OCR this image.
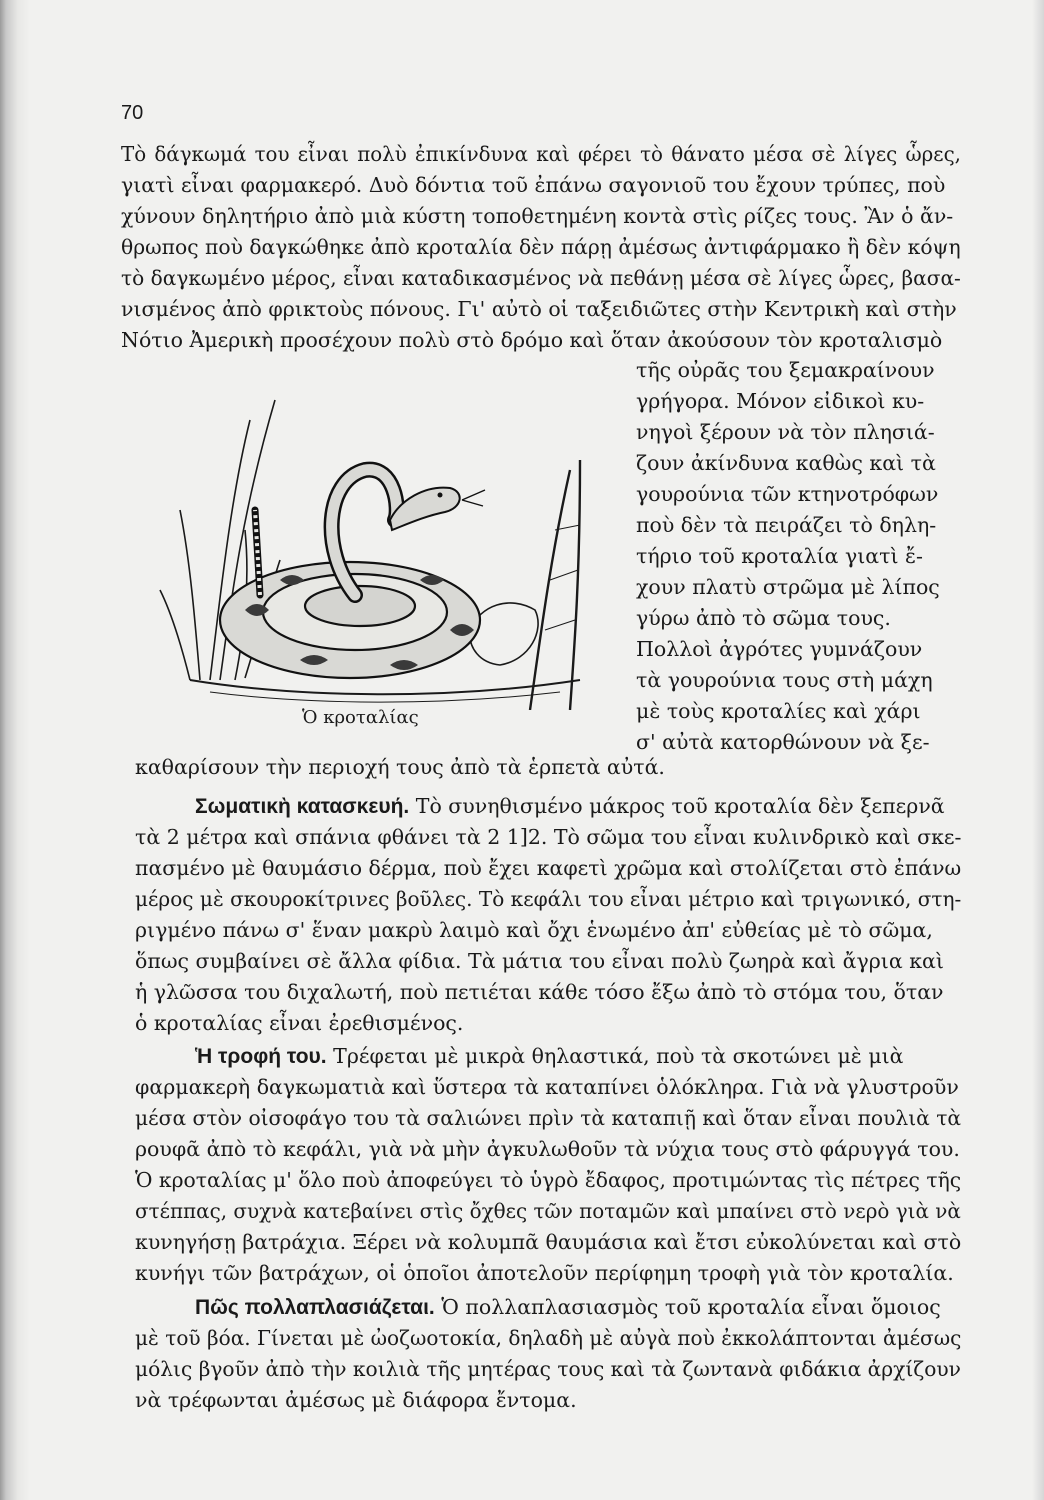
70
Τὸ δάγκωμά του εἶναι πολὺ ἐπικίνδυνα καὶ φέρει τὸ θάνατο μέσα σὲ λίγες ὧρες,
γιατὶ εἶναι φαρμακερό. Δυὸ δόντια τοῦ ἐπάνω σαγονιοῦ του ἔχουν τρύπες, ποὺ
χύνουν δηλητήριο ἀπὸ μιὰ κύστη τοποθετημένη κοντὰ στὶς ρίζες τους. Ἂν ὁ ἄν-
θρωπος ποὺ δαγκώθηκε ἀπὸ κροταλία δὲν πάρῃ ἀμέσως ἀντιφάρμακο ἢ δὲν κόψη
τὸ δαγκωμένο μέρος, εἶναι καταδικασμένος νὰ πεθάνῃ μέσα σὲ λίγες ὧρες, βασα-
νισμένος ἀπὸ φρικτοὺς πόνους. Γι' αὐτὸ οἱ ταξειδιῶτες στὴν Κεντρικὴ καὶ στὴν
Νότιο Ἀμερικὴ προσέχουν πολὺ στὸ δρόμο καὶ ὅταν ἀκούσουν τὸν κροταλισμὸ
τῆς οὐρᾶς του ξεμακραίνουν
γρήγορα. Μόνον εἰδικοὶ κυ-
νηγοὶ ξέρουν νὰ τὸν πλησιά-
ζουν ἀκίνδυνα καθὼς καὶ τὰ
γουρούνια τῶν κτηνοτρόφων
ποὺ δὲν τὰ πειράζει τὸ δηλη-
τήριο τοῦ κροταλία γιατὶ ἔ-
χουν πλατὺ στρῶμα μὲ λίπος
γύρω ἀπὸ τὸ σῶμα τους.
Πολλοὶ ἀγρότες γυμνάζουν
τὰ γουρούνια τους στὴ μάχη
μὲ τοὺς κροταλίες καὶ χάρι
σ' αὐτὰ κατορθώνουν νὰ ξε-
Ὁ κροταλίας
καθαρίσουν τὴν περιοχή τους ἀπὸ τὰ ἑρπετὰ αὐτά.
Σωματικὴ κατασκευή. Τὸ συνηθισμένο μάκρος τοῦ κροταλία δὲν ξεπερνᾶ
τὰ 2 μέτρα καὶ σπάνια φθάνει τὰ 2 1]2. Τὸ σῶμα του εἶναι κυλινδρικὸ καὶ σκε-
πασμένο μὲ θαυμάσιο δέρμα, ποὺ ἔχει καφετὶ χρῶμα καὶ στολίζεται στὸ ἐπάνω
μέρος μὲ σκουροκίτρινες βοῦλες. Τὸ κεφάλι του εἶναι μέτριο καὶ τριγωνικό, στη-
ριγμένο πάνω σ' ἕναν μακρὺ λαιμὸ καὶ ὄχι ἑνωμένο ἀπ' εὐθείας μὲ τὸ σῶμα,
ὅπως συμβαίνει σὲ ἄλλα φίδια. Τὰ μάτια του εἶναι πολὺ ζωηρὰ καὶ ἄγρια καὶ
ἡ γλῶσσα του διχαλωτή, ποὺ πετιέται κάθε τόσο ἔξω ἀπὸ τὸ στόμα του, ὅταν
ὁ κροταλίας εἶναι ἐρεθισμένος.
Ἡ τροφή του. Τρέφεται μὲ μικρὰ θηλαστικά, ποὺ τὰ σκοτώνει μὲ μιὰ
φαρμακερὴ δαγκωματιὰ καὶ ὕστερα τὰ καταπίνει ὁλόκληρα. Γιὰ νὰ γλυστροῦν
μέσα στὸν οἰσοφάγο του τὰ σαλιώνει πρὶν τὰ καταπιῇ καὶ ὅταν εἶναι πουλιὰ τὰ
ρουφᾶ ἀπὸ τὸ κεφάλι, γιὰ νὰ μὴν ἀγκυλωθοῦν τὰ νύχια τους στὸ φάρυγγά του.
Ὁ κροταλίας μ' ὅλο ποὺ ἀποφεύγει τὸ ὑγρὸ ἔδαφος, προτιμώντας τὶς πέτρες τῆς
στέππας, συχνὰ κατεβαίνει στὶς ὄχθες τῶν ποταμῶν καὶ μπαίνει στὸ νερὸ γιὰ νὰ
κυνηγήσῃ βατράχια. Ξέρει νὰ κολυμπᾶ θαυμάσια καὶ ἔτσι εὐκολύνεται καὶ στὸ
κυνήγι τῶν βατράχων, οἱ ὁποῖοι ἀποτελοῦν περίφημη τροφὴ γιὰ τὸν κροταλία.
Πῶς πολλαπλασιάζεται. Ὁ πολλαπλασιασμὸς τοῦ κροταλία εἶναι ὅμοιος
μὲ τοῦ βόα. Γίνεται μὲ ὠοζωοτοκία, δηλαδὴ μὲ αὐγὰ ποὺ ἐκκολάπτονται ἀμέσως
μόλις βγοῦν ἀπὸ τὴν κοιλιὰ τῆς μητέρας τους καὶ τὰ ζωντανὰ φιδάκια ἀρχίζουν
νὰ τρέφωνται ἀμέσως μὲ διάφορα ἔντομα.
